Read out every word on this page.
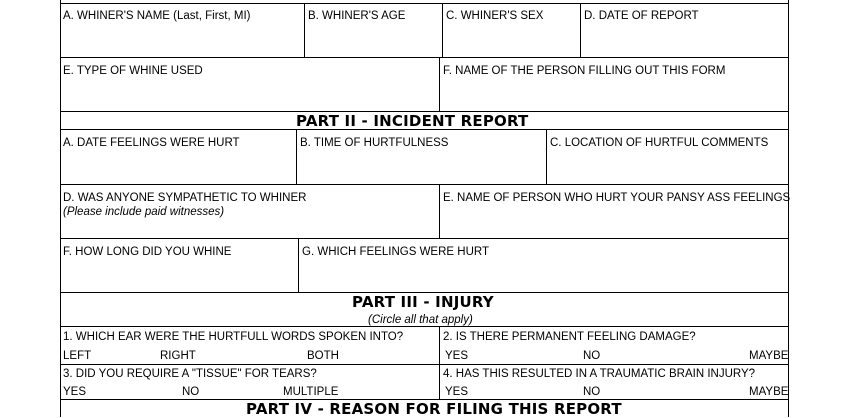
A. WHINER'S NAME (Last, First, MI)	B. WHINER'S AGE	C. WHINER'S SEX	D. DATE OF REPORT
E. TYPE OF WHINE USED	F. NAME OF THE PERSON FILLING OUT THIS FORM
PART II - INCIDENT REPORT
A. DATE FEELINGS WERE HURT	B. TIME OF HURTFULNESS	C. LOCATION OF HURTFUL COMMENTS
D. WAS ANYONE SYMPATHETIC TO WHINER
(Please include paid witnesses)
E. NAME OF PERSON WHO HURT YOUR PANSY ASS FEELINGS
F. HOW LONG DID YOU WHINE	G. WHICH FEELINGS WERE HURT
PART III - INJURY
(Circle all that apply)
1. WHICH EAR WERE THE HURTFULL WORDS SPOKEN INTO?
LEFT	RIGHT	BOTH
2. IS THERE PERMANENT FEELING DAMAGE?
YES	NO	MAYBE
3. DID YOU REQUIRE A "TISSUE" FOR TEARS?
YES	NO	MULTIPLE
4. HAS THIS RESULTED IN A TRAUMATIC BRAIN INJURY?
YES	NO	MAYBE
PART IV - REASON FOR FILING THIS REPORT
